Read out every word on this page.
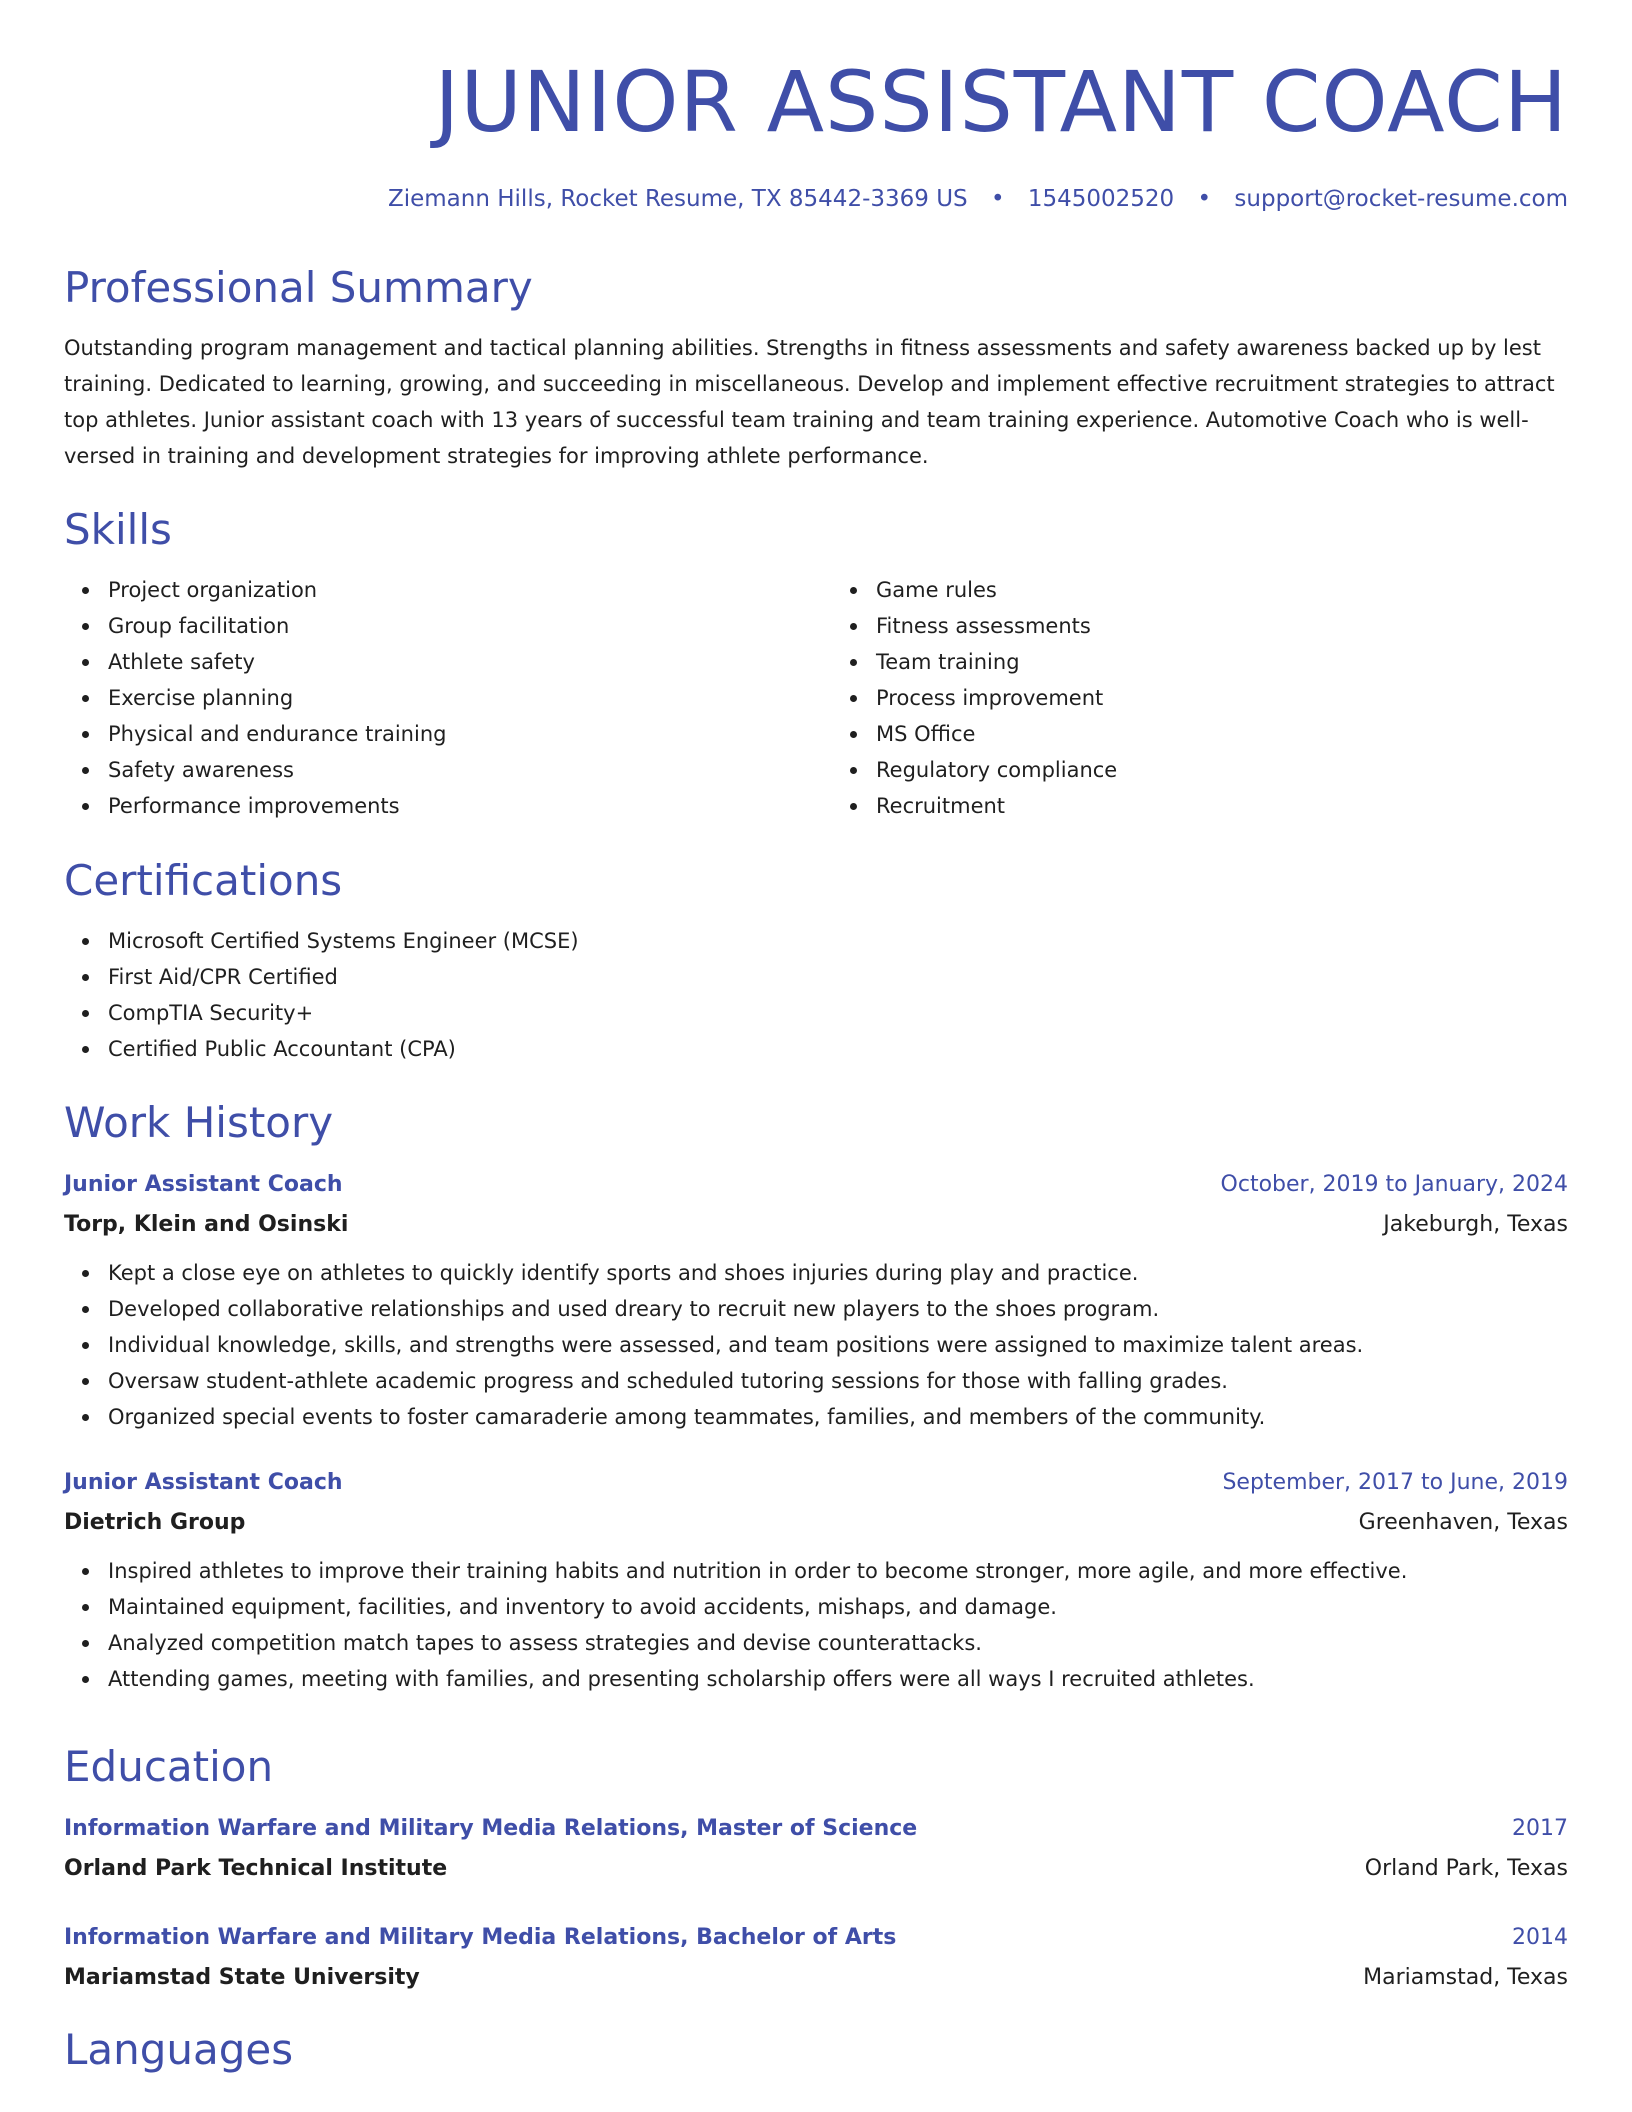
JUNIOR ASSISTANT COACH
Ziemann Hills, Rocket Resume, TX 85442-3369 US • 1545002520 • support@rocket-resume.com
Professional Summary

Outstanding program management and tactical planning abilities. Strengths in fitness assessments and safety awareness backed up by lest training. Dedicated to learning, growing, and succeeding in miscellaneous. Develop and implement effective recruitment strategies to attract top athletes. Junior assistant coach with 13 years of successful team training and team training experience. Automotive Coach who is well-versed in training and development strategies for improving athlete performance.

Skills
Project organization
Group facilitation
Athlete safety
Exercise planning
Physical and endurance training
Safety awareness
Performance improvements
Game rules
Fitness assessments
Team training
Process improvement
MS Office
Regulatory compliance
Recruitment
Certifications
Microsoft Certified Systems Engineer (MCSE)
First Aid/CPR Certified
CompTIA Security+
Certified Public Accountant (CPA)
Work History
Junior Assistant Coach	October, 2019 to January, 2024
Torp, Klein and Osinski	Jakeburgh, Texas
Kept a close eye on athletes to quickly identify sports and shoes injuries during play and practice.
Developed collaborative relationships and used dreary to recruit new players to the shoes program.
Individual knowledge, skills, and strengths were assessed, and team positions were assigned to maximize talent areas.
Oversaw student-athlete academic progress and scheduled tutoring sessions for those with falling grades.
Organized special events to foster camaraderie among teammates, families, and members of the community.
Junior Assistant Coach	September, 2017 to June, 2019
Dietrich Group	Greenhaven, Texas
Inspired athletes to improve their training habits and nutrition in order to become stronger, more agile, and more effective.
Maintained equipment, facilities, and inventory to avoid accidents, mishaps, and damage.
Analyzed competition match tapes to assess strategies and devise counterattacks.
Attending games, meeting with families, and presenting scholarship offers were all ways I recruited athletes.
Education
Information Warfare and Military Media Relations, Master of Science	2017
Orland Park Technical Institute	Orland Park, Texas
Information Warfare and Military Media Relations, Bachelor of Arts	2014
Mariamstad State University	Mariamstad, Texas
Languages
